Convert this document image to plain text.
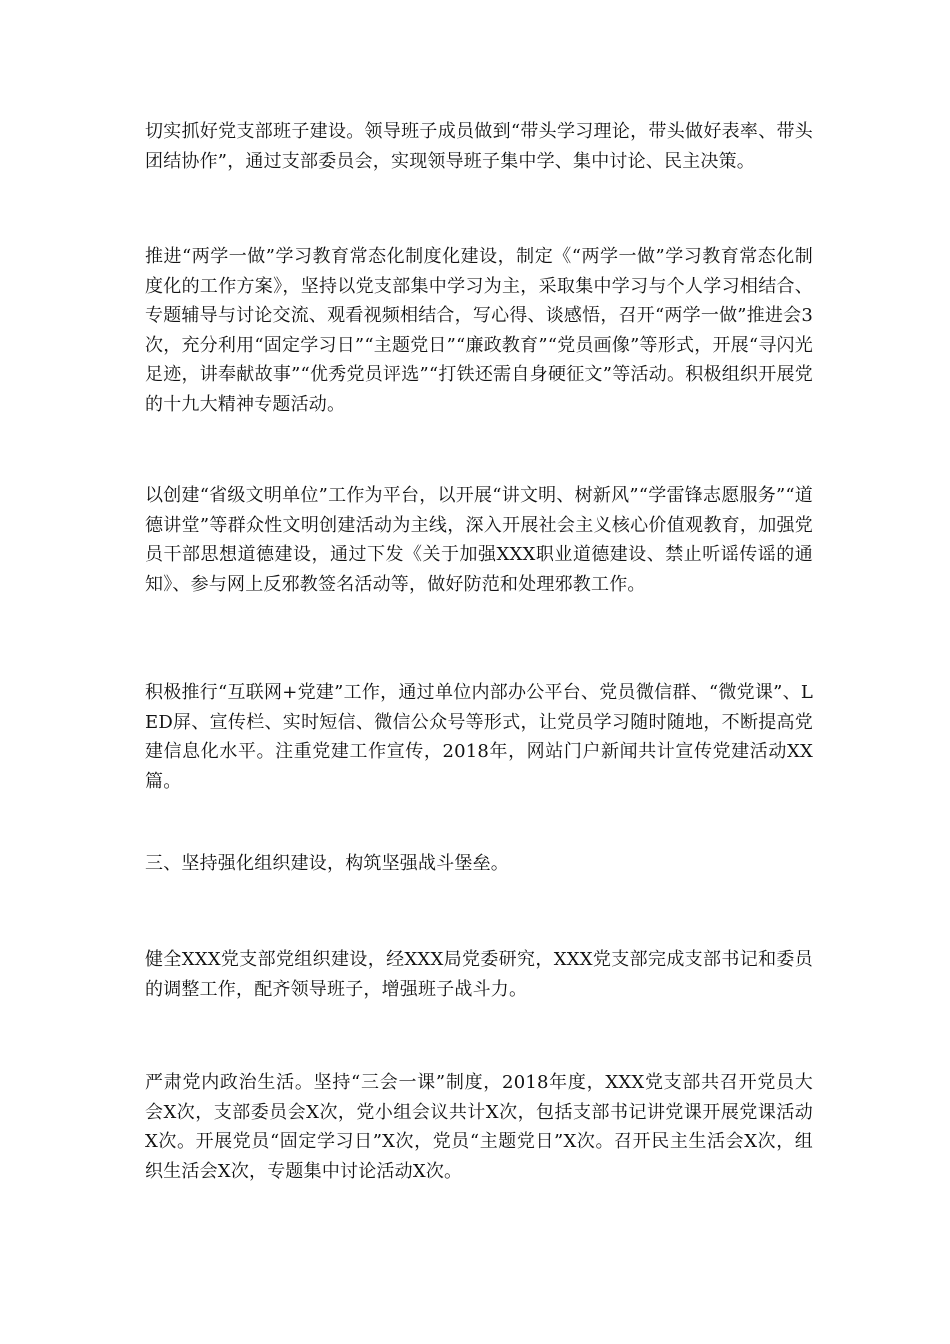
切实抓好党支部班子建设。领导班子成员做到“带头学习理论，带头做好表率、带头团结协作”，通过支部委员会，实现领导班子集中学、集中讨论、民主决策。

推进“两学一做”学习教育常态化制度化建设，制定《“两学一做”学习教育常态化制度化的工作方案》，坚持以党支部集中学习为主，采取集中学习与个人学习相结合、专题辅导与讨论交流、观看视频相结合，写心得、谈感悟，召开“两学一做”推进会3次，充分利用“固定学习日”“主题党日”“廉政教育”“党员画像”等形式，开展“寻闪光足迹，讲奉献故事”“优秀党员评选”“打铁还需自身硬征文”等活动。积极组织开展党的十九大精神专题活动。

以创建“省级文明单位”工作为平台，以开展“讲文明、树新风”“学雷锋志愿服务”“道德讲堂”等群众性文明创建活动为主线，深入开展社会主义核心价值观教育，加强党员干部思想道德建设，通过下发《关于加强XXX职业道德建设、禁止听谣传谣的通知》、参与网上反邪教签名活动等，做好防范和处理邪教工作。

积极推行“互联网+党建”工作，通过单位内部办公平台、党员微信群、“微党课”、LED屏、宣传栏、实时短信、微信公众号等形式，让党员学习随时随地，不断提高党建信息化水平。注重党建工作宣传，2018年，网站门户新闻共计宣传党建活动XX篇。

三、坚持强化组织建设，构筑坚强战斗堡垒。

健全XXX党支部党组织建设，经XXX局党委研究，XXX党支部完成支部书记和委员的调整工作，配齐领导班子，增强班子战斗力。

严肃党内政治生活。坚持“三会一课”制度，2018年度，XXX党支部共召开党员大会X次，支部委员会X次，党小组会议共计X次，包括支部书记讲党课开展党课活动X次。开展党员“固定学习日”X次，党员“主题党日”X次。召开民主生活会X次，组织生活会X次，专题集中讨论活动X次。
